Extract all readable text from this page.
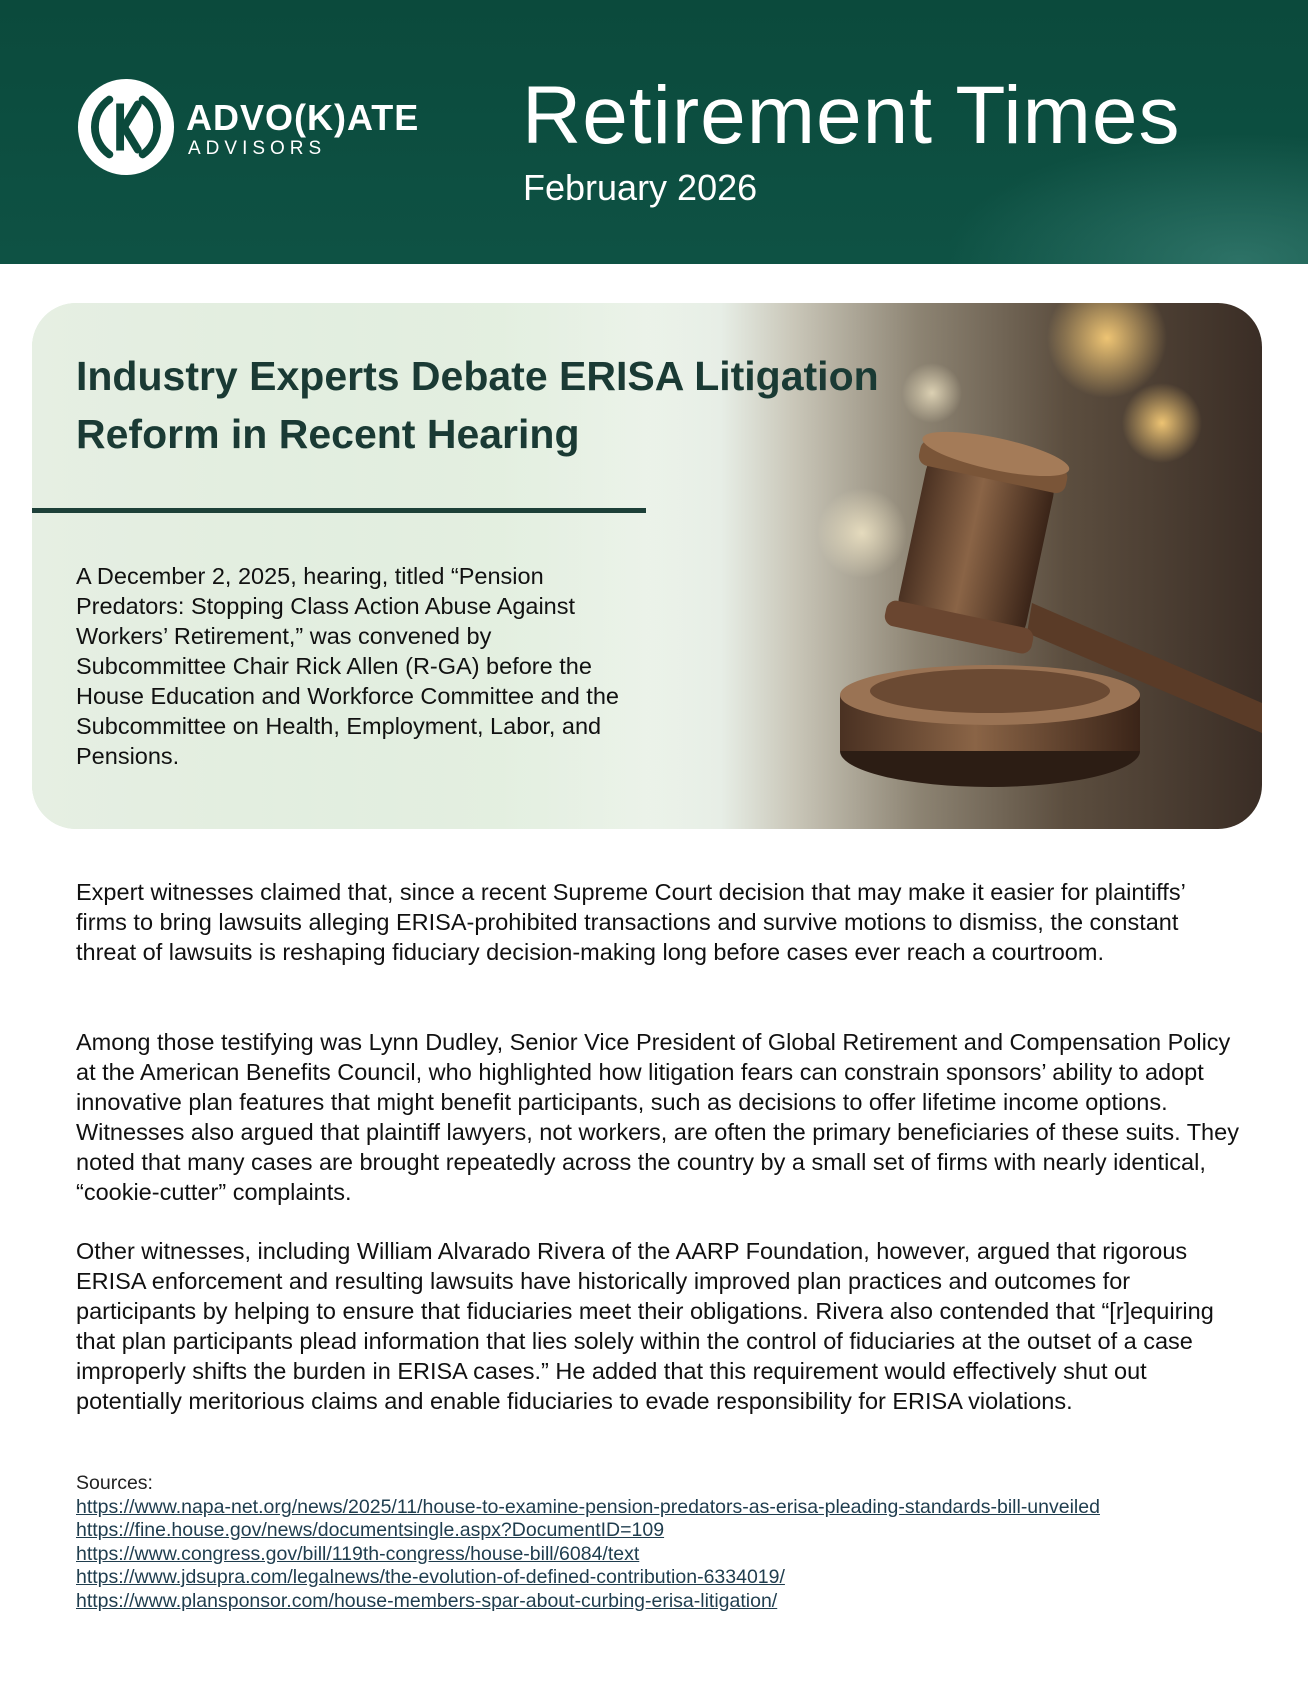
ADVO(K)ATE
ADVISORS	Retirement Times
February 2026
Industry Experts Debate ERISA Litigation Reform in Recent Hearing

A December 2, 2025, hearing, titled “Pension Predators: Stopping Class Action Abuse Against Workers’ Retirement,” was convened by Subcommittee Chair Rick Allen (R-GA) before the House Education and Workforce Committee and the Subcommittee on Health, Employment, Labor, and Pensions.

Expert witnesses claimed that, since a recent Supreme Court decision that may make it easier for plaintiffs’ firms to bring lawsuits alleging ERISA-prohibited transactions and survive motions to dismiss, the constant threat of lawsuits is reshaping fiduciary decision-making long before cases ever reach a courtroom.

Among those testifying was Lynn Dudley, Senior Vice President of Global Retirement and Compensation Policy at the American Benefits Council, who highlighted how litigation fears can constrain sponsors’ ability to adopt innovative plan features that might benefit participants, such as decisions to offer lifetime income options. Witnesses also argued that plaintiff lawyers, not workers, are often the primary beneficiaries of these suits. They noted that many cases are brought repeatedly across the country by a small set of firms with nearly identical, “cookie-cutter” complaints.

Other witnesses, including William Alvarado Rivera of the AARP Foundation, however, argued that rigorous ERISA enforcement and resulting lawsuits have historically improved plan practices and outcomes for participants by helping to ensure that fiduciaries meet their obligations. Rivera also contended that “[r]equiring that plan participants plead information that lies solely within the control of fiduciaries at the outset of a case improperly shifts the burden in ERISA cases.” He added that this requirement would effectively shut out potentially meritorious claims and enable fiduciaries to evade responsibility for ERISA violations.

Sources:
https://www.napa-net.org/news/2025/11/house-to-examine-pension-predators-as-erisa-pleading-standards-bill-unveiled
https://fine.house.gov/news/documentsingle.aspx?DocumentID=109
https://www.congress.gov/bill/119th-congress/house-bill/6084/text
https://www.jdsupra.com/legalnews/the-evolution-of-defined-contribution-6334019/
https://www.plansponsor.com/house-members-spar-about-curbing-erisa-litigation/
